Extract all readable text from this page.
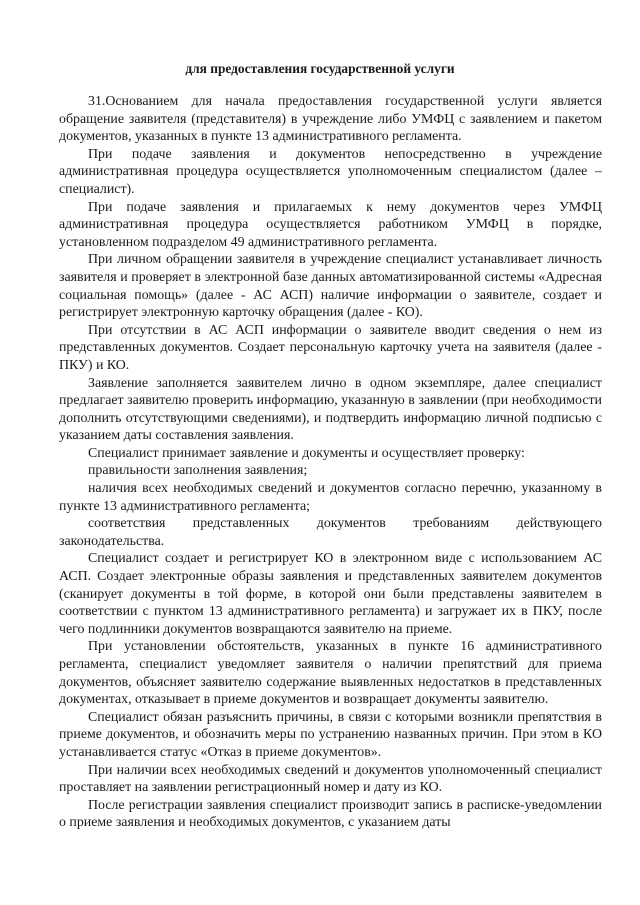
для предоставления государственной услуги

31.Основанием для начала предоставления государственной услуги является обращение заявителя (представителя) в учреждение либо УМФЦ с заявлением и пакетом документов, указанных в пункте 13 административного регламента.

При подаче заявления и документов непосредственно в учреждение административная процедура осуществляется уполномоченным специалистом (далее – специалист).

При подаче заявления и прилагаемых к нему документов через УМФЦ административная процедура осуществляется работником УМФЦ в порядке, установленном подразделом 49 административного регламента.

При личном обращении заявителя в учреждение специалист устанавливает личность заявителя и проверяет в электронной базе данных автоматизированной системы «Адресная социальная помощь» (далее - АС АСП) наличие информации о заявителе, создает и регистрирует электронную карточку обращения (далее - КО).

При отсутствии в АС АСП информации о заявителе вводит сведения о нем из представленных документов. Создает персональную карточку учета на заявителя (далее - ПКУ) и КО.

Заявление заполняется заявителем лично в одном экземпляре, далее специалист предлагает заявителю проверить информацию, указанную в заявлении (при необходимости дополнить отсутствующими сведениями), и подтвердить информацию личной подписью с указанием даты составления заявления.

Специалист принимает заявление и документы и осуществляет проверку:

правильности заполнения заявления;

наличия всех необходимых сведений и документов согласно перечню, указанному в пункте 13 административного регламента;

соответствия представленных документов требованиям действующего законодательства.

Специалист создает и регистрирует КО в электронном виде с использованием АС АСП. Создает электронные образы заявления и представленных заявителем документов (сканирует документы в той форме, в которой они были представлены заявителем в соответствии с пунктом 13 административного регламента) и загружает их в ПКУ, после чего подлинники документов возвращаются заявителю на приеме.

При установлении обстоятельств, указанных в пункте 16 административного регламента, специалист уведомляет заявителя о наличии препятствий для приема документов, объясняет заявителю содержание выявленных недостатков в представленных документах, отказывает в приеме документов и возвращает документы заявителю.

Специалист обязан разъяснить причины, в связи с которыми возникли препятствия в приеме документов, и обозначить меры по устранению названных причин. При этом в КО устанавливается статус «Отказ в приеме документов».

При наличии всех необходимых сведений и документов уполномоченный специалист проставляет на заявлении регистрационный номер и дату из КО.

После регистрации заявления специалист производит запись в расписке-уведомлении о приеме заявления и необходимых документов, с указанием даты
